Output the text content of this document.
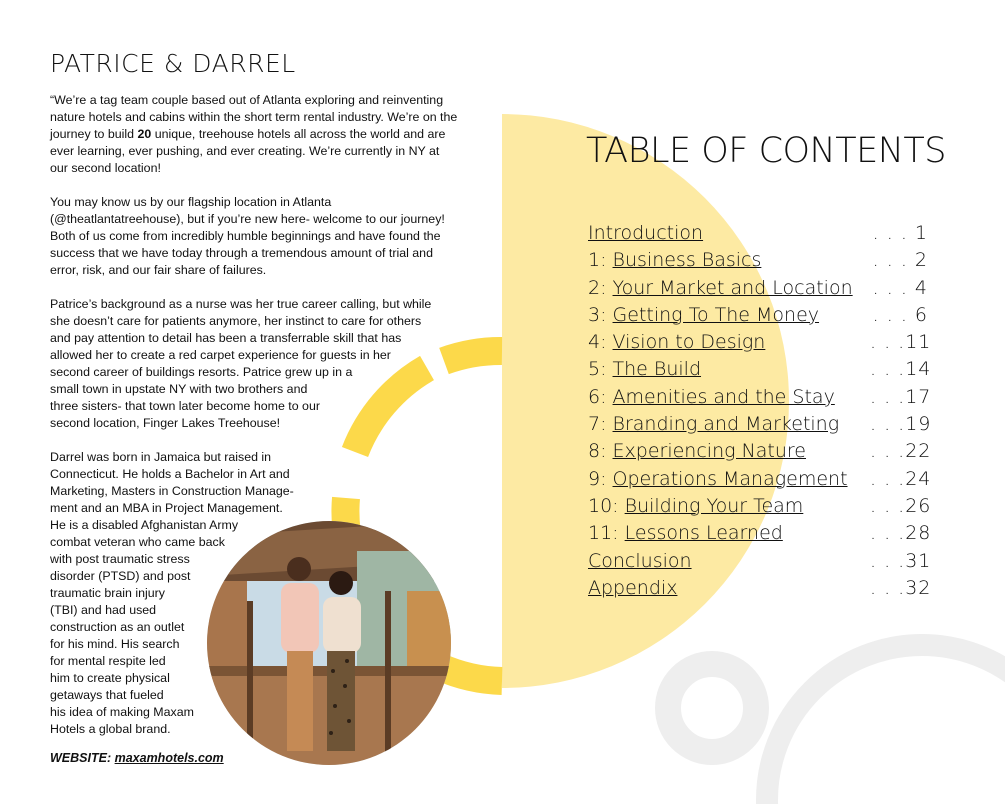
PATRICE & DARREL
“We’re a tag team couple based out of Atlanta exploring and reinventing nature hotels and cabins within the short term rental industry. We’re on the journey to build 20 unique, treehouse hotels all across the world and are ever learning, ever pushing, and ever creating. We’re currently in NY at our second location!
You may know us by our flagship location in Atlanta (@theatlantatreehouse), but if you’re new here- welcome to our journey! Both of us come from incredibly humble beginnings and have found the success that we have today through a tremendous amount of trial and error, risk, and our fair share of failures.

Patrice’s background as a nurse was her true career calling, but while

she doesn’t care for patients anymore, her instinct to care for others

and pay attention to detail has been a transferrable skill that has

allowed her to create a red carpet experience for guests in her

second career of buildings resorts. Patrice grew up in a

small town in upstate NY with two brothers and

three sisters- that town later become home to our

second location, Finger Lakes Treehouse!

Darrel was born in Jamaica but raised in

Connecticut. He holds a Bachelor in Art and

Marketing, Masters in Construction Manage-

ment and an MBA in Project Management.

He is a disabled Afghanistan Army

combat veteran who came back

with post traumatic stress

disorder (PTSD) and post

traumatic brain injury

(TBI) and had used

construction as an outlet

for his mind. His search

for mental respite led

him to create physical

getaways that fueled

his idea of making Maxam

Hotels a global brand.

WEBSITE: maxamhotels.com
TABLE OF CONTENTS
Introduction	. . . 1
1: Business Basics	. . . 2
2: Your Market and Location . . . 4
3: Getting To The Money	. . . 6
4: Vision to Design	. . .11
5: The Build	. . .14
6: Amenities and the Stay . . .17
7: Branding and Marketing . . .19
8: Experiencing Nature	. . .22
9: Operations Management . . .24
10: Building Your Team	. . .26
11: Lessons Learned	. . .28
Conclusion	. . .31
Appendix	. . .32
